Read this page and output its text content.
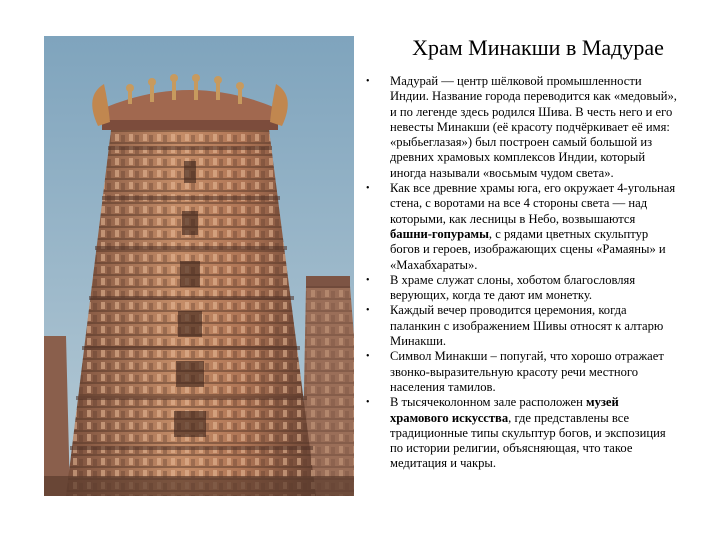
Храм Минакши в Мадурае
• Мадурай — центр шёлковой промышленности Индии. Название города переводится как «медовый», и по легенде здесь родился Шива. В честь него и его невесты Минакши (её красоту подчёркивает её имя: «рыбьеглазая») был построен самый большой из древних храмовых комплексов Индии, который иногда называли «восьмым чудом света».
• Как все древние храмы юга, его окружает 4-угольная стена, с воротами на все 4 стороны света — над которыми, как лесницы в Небо, возвышаются башни-гопурамы, с рядами цветных скульптур богов и героев, изображающих сцены «Рамаяны» и «Махабхараты».
• В храме служат слоны, хоботом благословляя верующих, когда те дают им монетку.
• Каждый вечер проводится церемония, когда паланкин с изображением Шивы относят к алтарю Минакши.
• Символ Минакши – попугай, что хорошо отражает звонко-выразительную красоту речи местного населения тамилов.
• В тысячеколонном зале расположен музей храмового искусства, где представлены все традиционные типы скульптур богов, и экспозиция по истории религии, объясняющая, что такое медитация и чакры.
